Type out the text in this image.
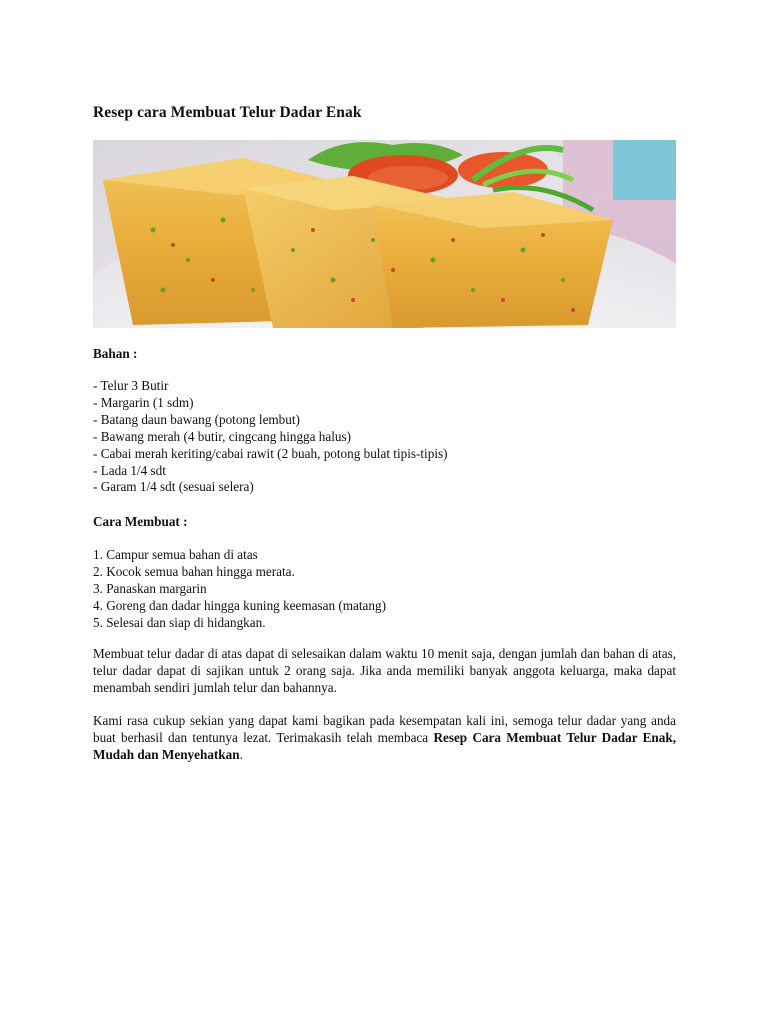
Resep cara Membuat Telur Dadar Enak
Bahan :
- Telur 3 Butir
- Margarin (1 sdm)
- Batang daun bawang (potong lembut)
- Bawang merah (4 butir, cingcang hingga halus)
- Cabai merah keriting/cabai rawit (2 buah, potong bulat tipis-tipis)
- Lada 1/4 sdt
- Garam 1/4 sdt (sesuai selera)
Cara Membuat :
1. Campur semua bahan di atas
2. Kocok semua bahan hingga merata.
3. Panaskan margarin
4. Goreng dan dadar hingga kuning keemasan (matang)
5. Selesai dan siap di hidangkan.

Membuat telur dadar di atas dapat di selesaikan dalam waktu 10 menit saja, dengan jumlah dan bahan di atas, telur dadar dapat di sajikan untuk 2 orang saja. Jika anda memiliki banyak anggota keluarga, maka dapat menambah sendiri jumlah telur dan bahannya.

Kami rasa cukup sekian yang dapat kami bagikan pada kesempatan kali ini, semoga telur dadar yang anda buat berhasil dan tentunya lezat. Terimakasih telah membaca Resep Cara Membuat Telur Dadar Enak, Mudah dan Menyehatkan.
